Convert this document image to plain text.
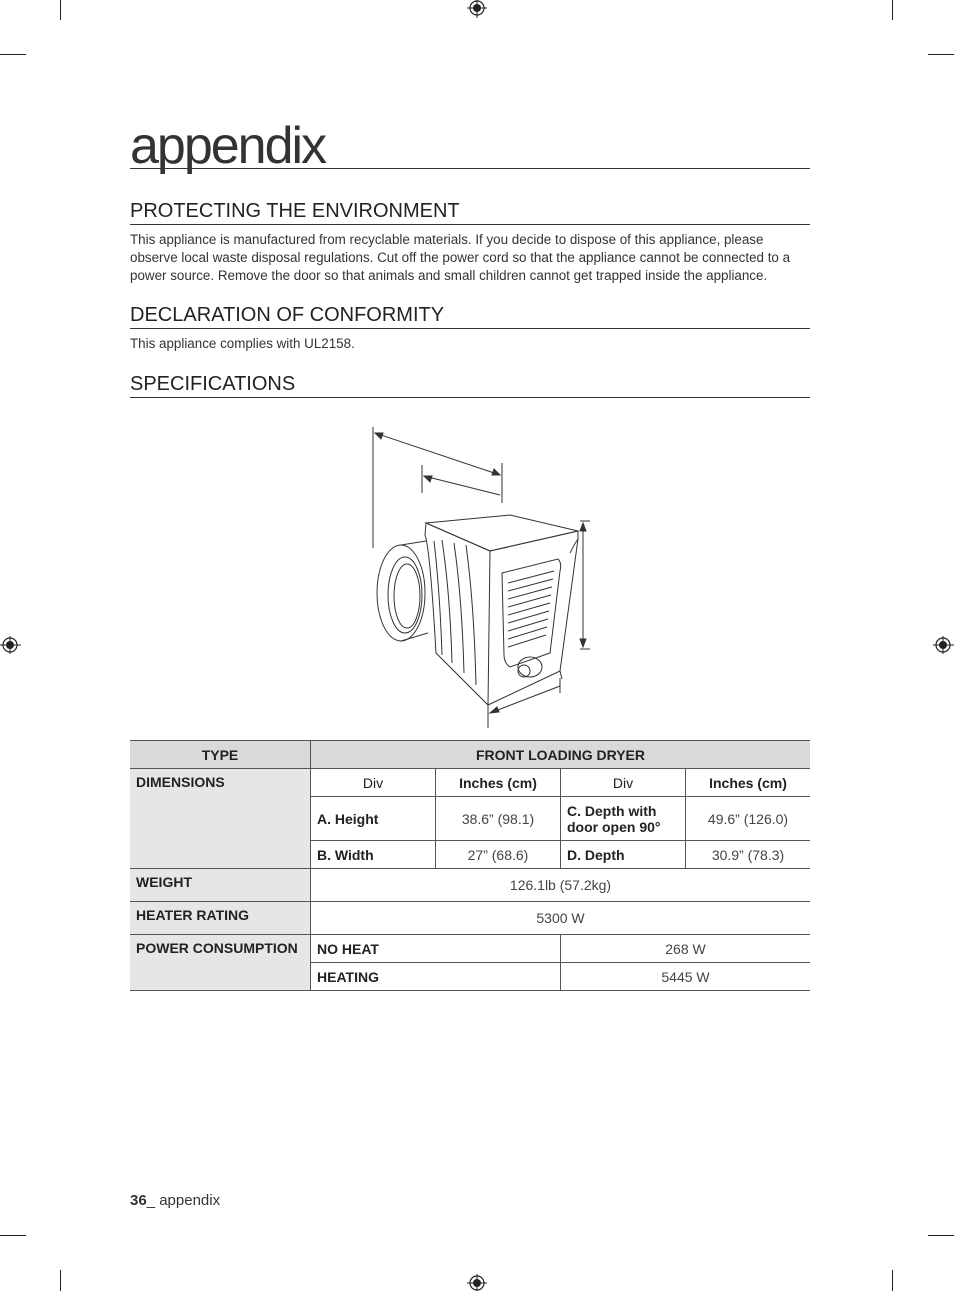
appendix
PROTECTING THE ENVIRONMENT

This appliance is manufactured from recyclable materials. If you decide to dispose of this appliance, please observe local waste disposal regulations. Cut off the power cord so that the appliance cannot be connected to a power source. Remove the door so that animals and small children cannot get trapped inside the appliance.

DECLARATION OF CONFORMITY

This appliance complies with UL2158.

SPECIFICATIONS
TYPE	FRONT LOADING DRYER			
DIMENSIONS	Div	Inches (cm)	Div	Inches (cm)
	A. Height	38.6” (98.1)	C. Depth with door open 90°	49.6” (126.0)
	B. Width	27” (68.6)	D. Depth	30.9” (78.3)
WEIGHT	126.1lb (57.2kg)			
HEATER RATING	5300 W			
POWER CONSUMPTION	NO HEAT		268 W	
	HEATING		5445 W	
36_ appendix
